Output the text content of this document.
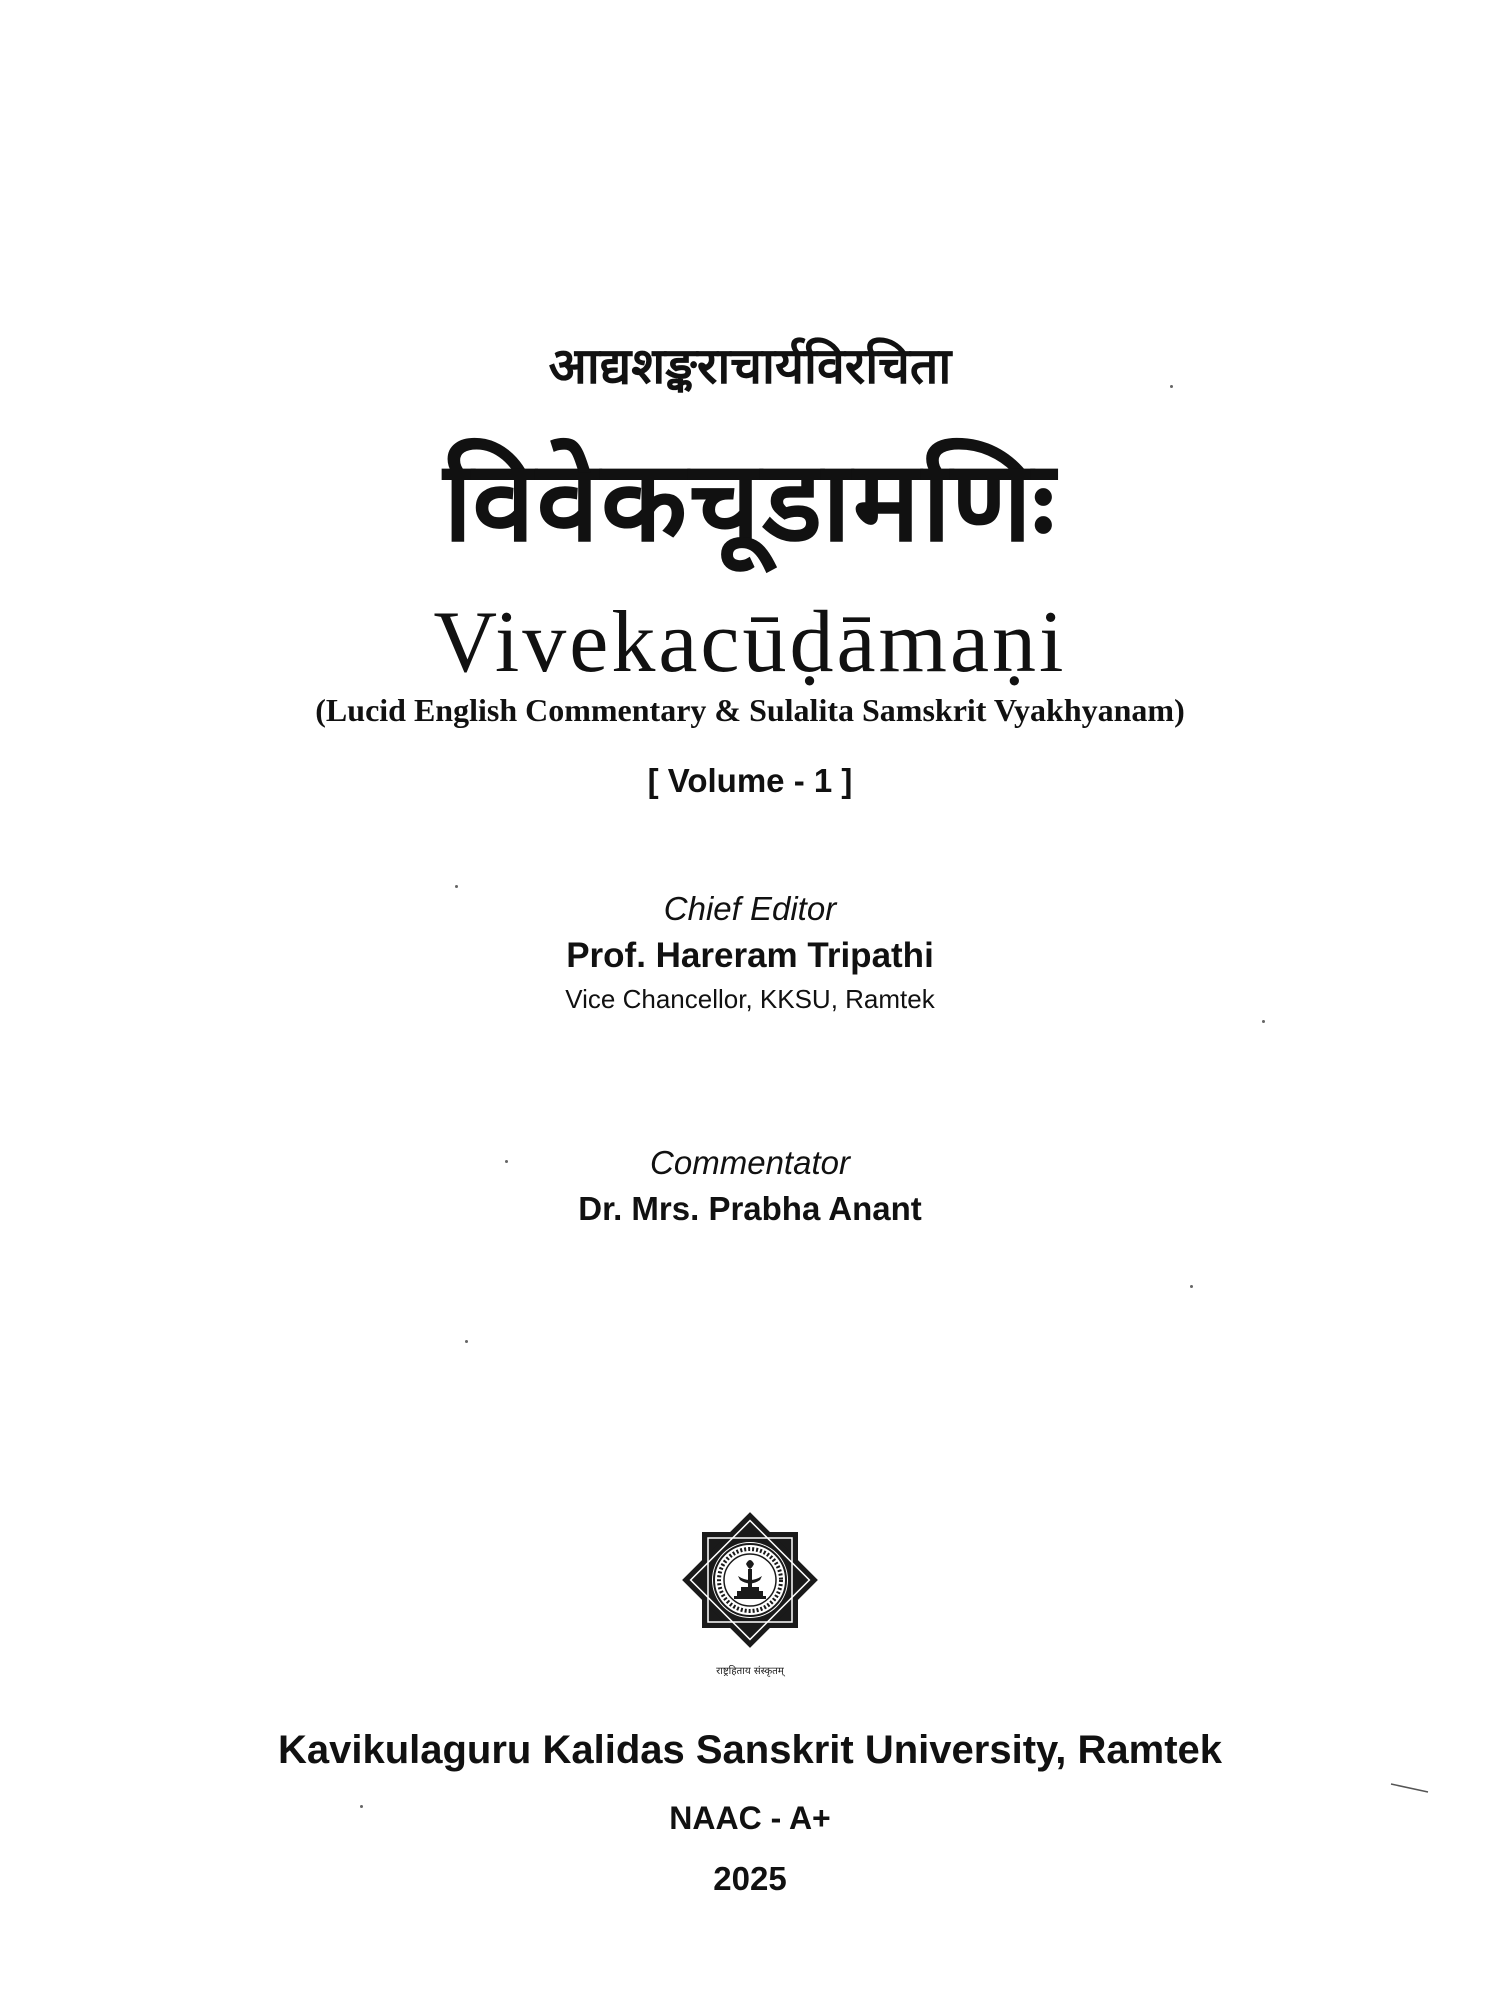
आद्यशङ्कराचार्यविरचिता
विवेकचूडामणिः
Vivekacūḍāmaṇi
(Lucid English Commentary & Sulalita Samskrit Vyakhyanam)
[ Volume - 1 ]
Chief Editor
Prof. Hareram Tripathi
Vice Chancellor, KKSU, Ramtek
Commentator
Dr. Mrs. Prabha Anant
राष्ट्रहिताय संस्कृतम्
Kavikulaguru Kalidas Sanskrit University, Ramtek
NAAC - A+
2025
